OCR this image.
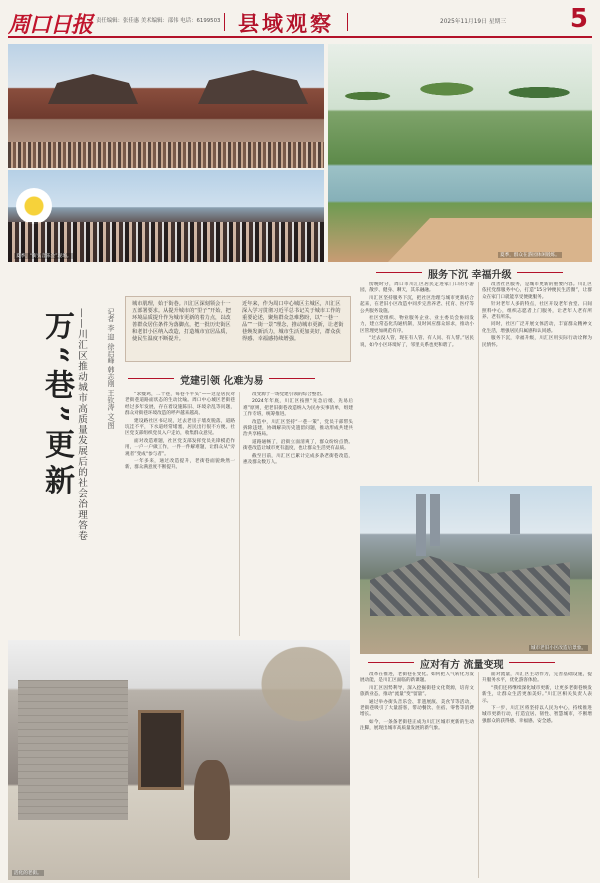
周口日报 责任编辑：张佳惠 美术编辑：邵伟 电话：6199503 县域观察	2025年11月19日 星期三 5
夏季，群众在游园休闲锻炼。
夏季，“街头音乐会”现场。
城市老旧小区改造后景象。
活化的老街。
万“巷”更新 ——川汇区推动城市高质量发展后的社会治理答卷	记者 李 迎 徐启峰 韩志刚 王钦涛 文/图
城市肌理，始于街巷。川汇区深刻领会十一五部署要求。从提升城市的“里子”开始，把环境品质提升作为城市更新的着力点，以改善群众居住条件为落脚点，把一批历史街区和老旧小区纳入改造，打造城市宜居品质，使民生温度不断提升。
近年来，作为周口中心城区主城区，川汇区深入学习贯彻习近平总书记关于城市工作的重要论述，聚焦群众急难愁盼，以“一巷一品”“一街一景”理念，推动城市更新，让老街巷焕发新活力，城市生活更加美好，群众获得感、幸福感持续增强。
党建引领 化难为易
服务下沉 幸福升级
应对有方 流量变现

“求瘦鸡，二十巷，每巷不平头”——这是居民对老街巷道路面状态的生动比喻。周口中心城区老街巷经过多年发展，存在着设施陈旧、环境杂乱等问题，群众对街巷环境改造的呼声越来越高。

建设路社区书记说，过去老房子墙皮脱落，道路坑洼不平，下水道经常堵塞，居民出行很不方便。社区党支部组织党员入户走访，收集群众意见。

面对改造难题，社区党支部发挥党员先锋模范作用，一户一户做工作，一件一件解难题，让群众从“旁观者”变成“参与者”。

一年多来，通过改造提升，老街巷面貌焕然一新，群众满意度不断提升。

改变源于一场党建引领的综合整治。

2024年年底，川汇区按照“先急后缓、先易后难”原则，把老旧街巷改造纳入为民办实事清单，组建工作专班，统筹推进。

改造中，川汇区坚持“一巷一策”，党员干部带头拆除违建，协调解决历史遗留问题，推动形成共建共治共享格局。

道路通畅了，沿街立面清爽了，群众纷纷点赞。街巷改造让城市更有温度，也让群众生活更有品质。

截至目前，川汇区已累计完成多条老街巷改造，惠及群众数万人。

傍晚时分，周口市川汇区居民走进家门口的小游园，散步、健身、聊天，其乐融融。

川汇区坚持服务下沉，把社区治理与城市更新结合起来，在老旧小区改造中同步完善养老、托育、医疗等公共服务设施。

社区党组织、物业服务企业、业主委员会协同发力，建立常态化沟通机制，及时回应群众诉求，推动小区管理更加规范有序。

“过去没人管，现在有人管、有人问、有人帮。”居民说，如今小区环境好了，邻里关系也更和谐了。

改善社区服务，是城市更新的重要内容。川汇区依托党群服务中心，打造“15分钟便民生活圈”，让群众在家门口就能享受便捷服务。

针对老年人多的特点，社区开设老年食堂、日间照料中心，组织志愿者上门服务，让老年人老有所养、老有所乐。

同时，社区广泛开展文体活动，丰富群众精神文化生活，增强居民归属感和认同感。

服务下沉，幸福升级，川汇区用实际行动诠释为民情怀。

改革在推进，老街巷在变化。如何把人气转化为发展动能，是川汇区面临的新课题。

川汇区因势利导，深入挖掘街巷文化资源，培育文旅新业态，推动“流量”变“留量”。

通过举办街头音乐会、非遗展演、美食节等活动，老街巷吸引了大量游客，带动餐饮、住宿、零售等消费增长。

如今，一条条老街巷正成为川汇区城市更新的生动注脚，展现出城市高质量发展的新气象。

面对流量，川汇区主动作为，完善基础设施，提升服务水平，优化游客体验。

“我们还将继续深化城市更新，让更多老街巷焕发新生，让群众生活更加美好。”川汇区相关负责人表示。

下一步，川汇区将坚持以人民为中心，持续推进城市更新行动，打造宜居、韧性、智慧城市，不断增强群众的获得感、幸福感、安全感。
